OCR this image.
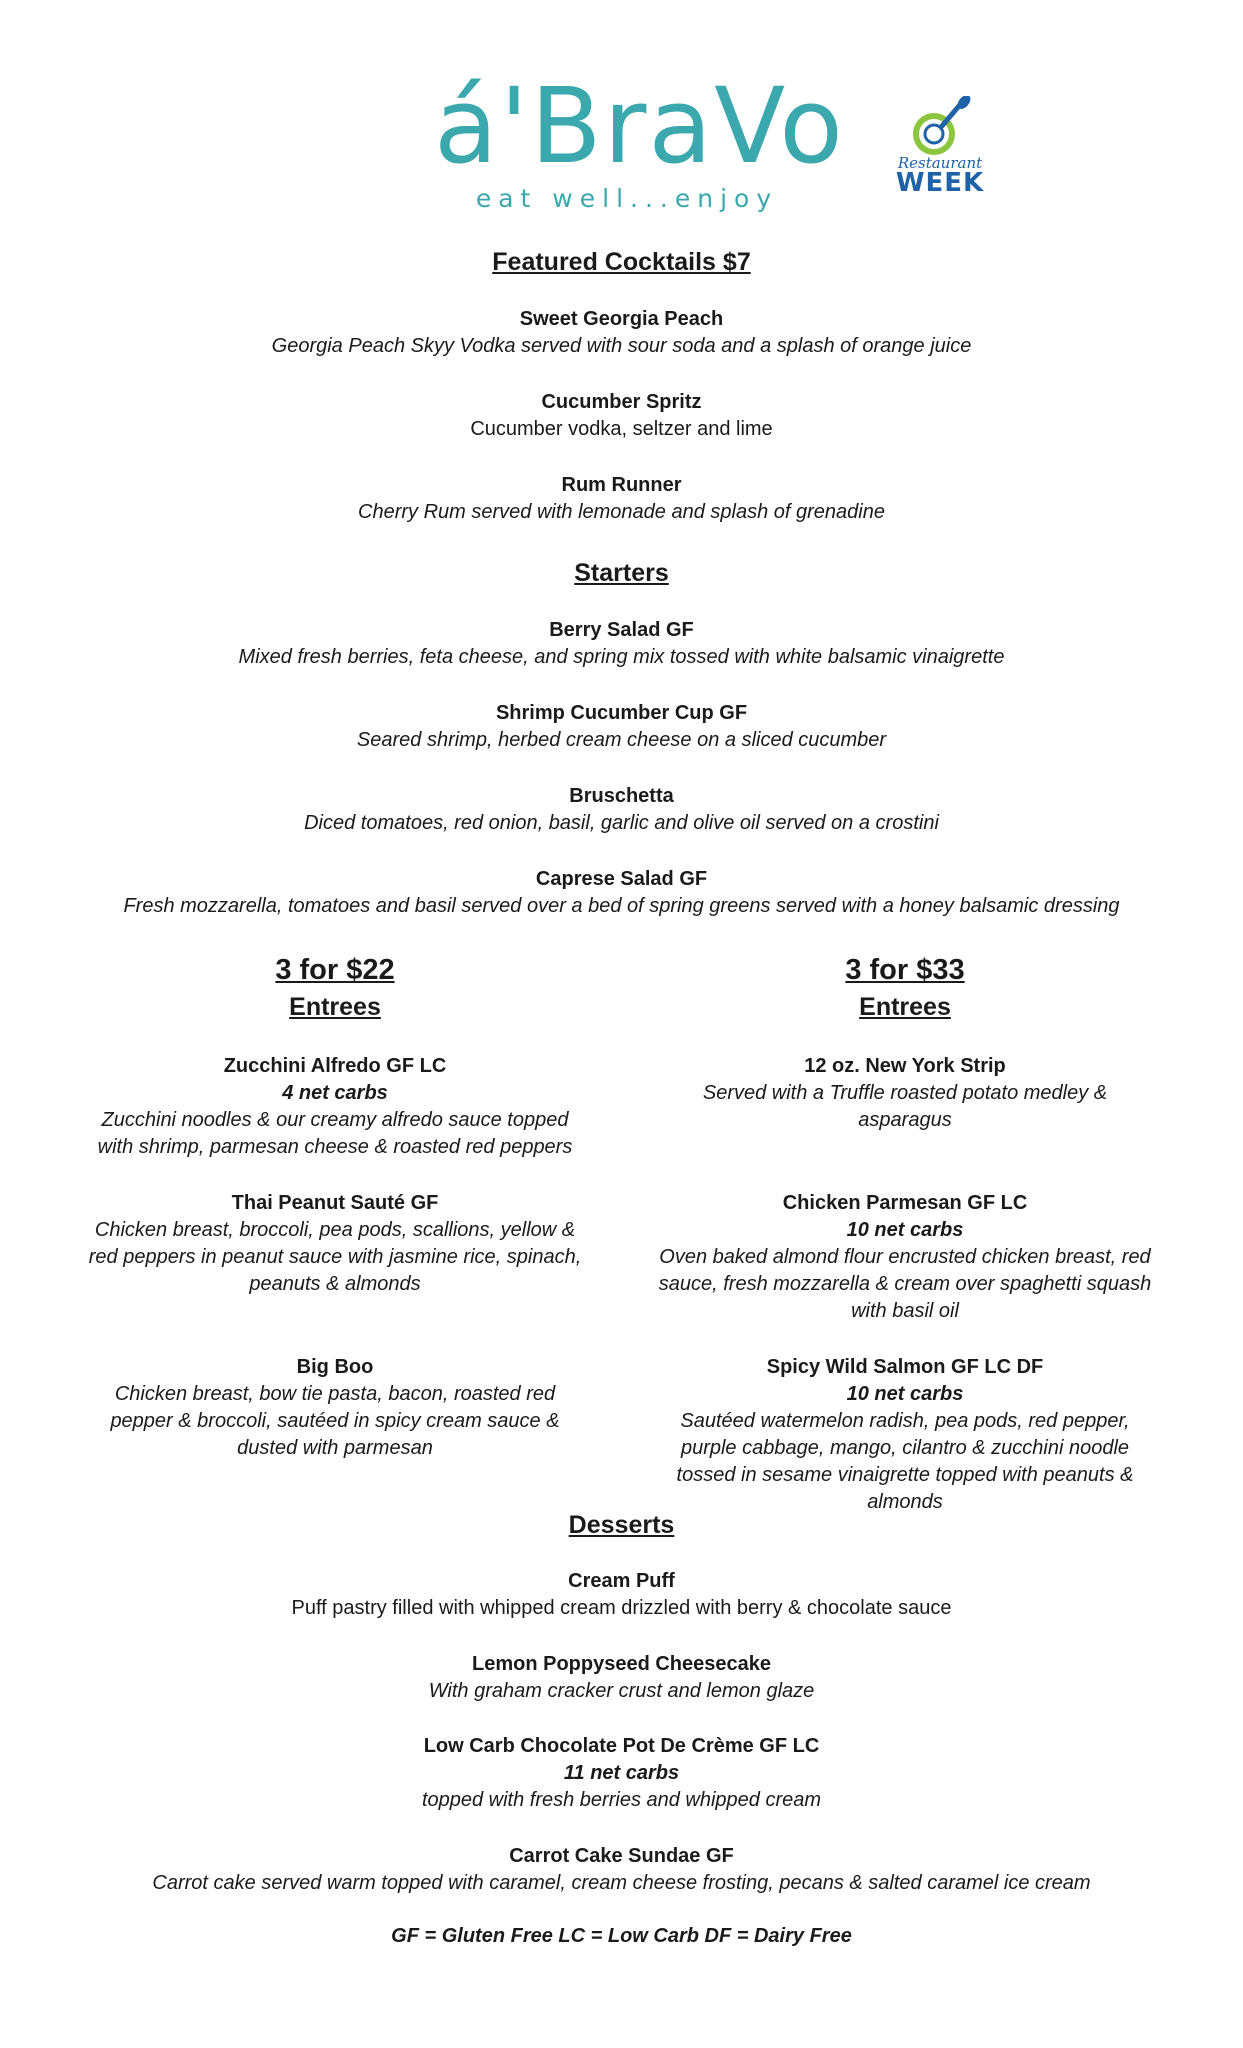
á'BraVo
eat well...enjoy
Restaurant
WEEK
Featured Cocktails $7
Sweet Georgia Peach
Georgia Peach Skyy Vodka served with sour soda and a splash of orange juice
Cucumber Spritz
Cucumber vodka, seltzer and lime
Rum Runner
Cherry Rum served with lemonade and splash of grenadine
Starters
Berry Salad GF
Mixed fresh berries, feta cheese, and spring mix tossed with white balsamic vinaigrette
Shrimp Cucumber Cup GF
Seared shrimp, herbed cream cheese on a sliced cucumber
Bruschetta
Diced tomatoes, red onion, basil, garlic and olive oil served on a crostini
Caprese Salad GF
Fresh mozzarella, tomatoes and basil served over a bed of spring greens served with a honey balsamic dressing
3 for $22
Entrees
Zucchini Alfredo GF LC
4 net carbs
Zucchini noodles & our creamy alfredo sauce topped
with shrimp, parmesan cheese & roasted red peppers
Thai Peanut Sauté GF
Chicken breast, broccoli, pea pods, scallions, yellow &
red peppers in peanut sauce with jasmine rice, spinach,
peanuts & almonds
Big Boo
Chicken breast, bow tie pasta, bacon, roasted red
pepper & broccoli, sautéed in spicy cream sauce &
dusted with parmesan
3 for $33
Entrees
12 oz. New York Strip
Served with a Truffle roasted potato medley &
asparagus
Chicken Parmesan GF LC
10 net carbs
Oven baked almond flour encrusted chicken breast, red
sauce, fresh mozzarella & cream over spaghetti squash
with basil oil
Spicy Wild Salmon GF LC DF
10 net carbs
Sautéed watermelon radish, pea pods, red pepper,
purple cabbage, mango, cilantro & zucchini noodle
tossed in sesame vinaigrette topped with peanuts &
almonds
Desserts
Cream Puff
Puff pastry filled with whipped cream drizzled with berry & chocolate sauce
Lemon Poppyseed Cheesecake
With graham cracker crust and lemon glaze
Low Carb Chocolate Pot De Crème GF LC
11 net carbs
topped with fresh berries and whipped cream
Carrot Cake Sundae GF
Carrot cake served warm topped with caramel, cream cheese frosting, pecans & salted caramel ice cream
GF = Gluten Free LC = Low Carb DF = Dairy Free
